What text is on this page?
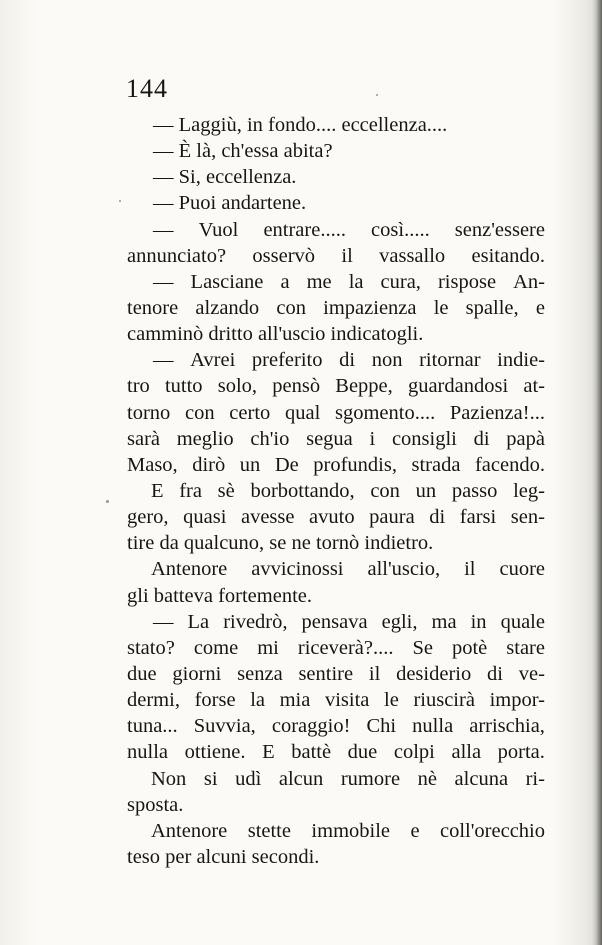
144
— Laggiù, in fondo.... eccellenza....
— È là, ch'essa abita?
— Si, eccellenza.
— Puoi andartene.
— Vuol entrare..... così..... senz'essere
annunciato? osservò il vassallo esitando.
— Lasciane a me la cura, rispose An-
tenore alzando con impazienza le spalle, e
camminò dritto all'uscio indicatogli.
— Avrei preferito di non ritornar indie-
tro tutto solo, pensò Beppe, guardandosi at-
torno con certo qual sgomento.... Pazienza!...
sarà meglio ch'io segua i consigli di papà
Maso, dirò un De profundis, strada facendo.
E fra sè borbottando, con un passo leg-
gero, quasi avesse avuto paura di farsi sen-
tire da qualcuno, se ne tornò indietro.
Antenore avvicinossi all'uscio, il cuore
gli batteva fortemente.
— La rivedrò, pensava egli, ma in quale
stato? come mi riceverà?.... Se potè stare
due giorni senza sentire il desiderio di ve-
dermi, forse la mia visita le riuscirà impor-
tuna... Suvvia, coraggio! Chi nulla arrischia,
nulla ottiene. E battè due colpi alla porta.
Non si udì alcun rumore nè alcuna ri-
sposta.
Antenore stette immobile e coll'orecchio
teso per alcuni secondi.
